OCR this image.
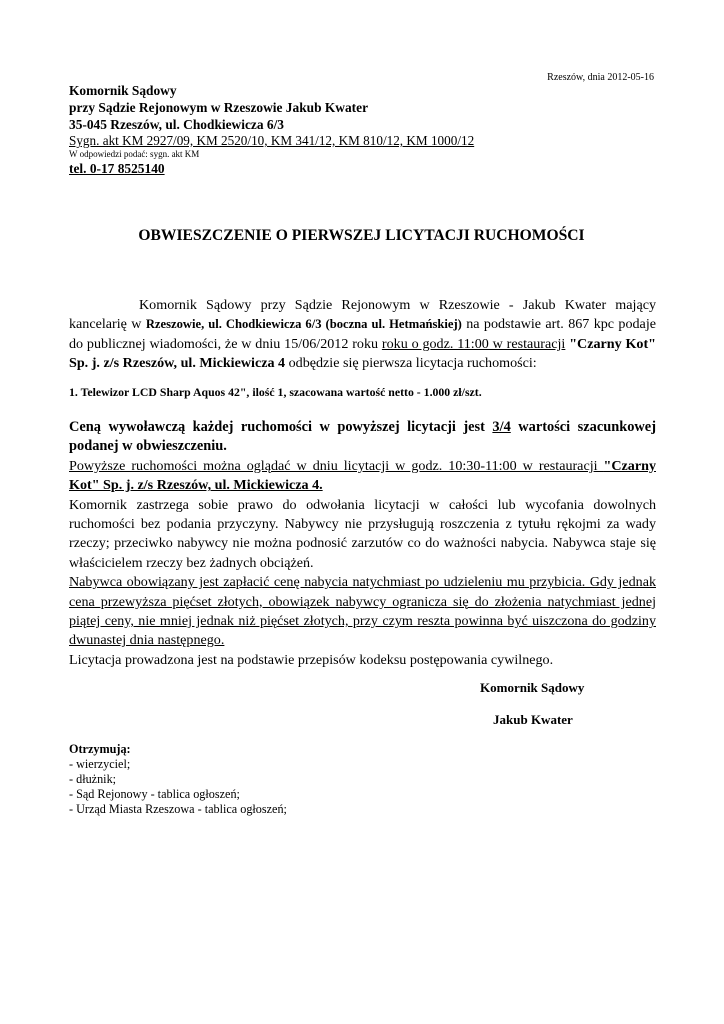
Rzeszów, dnia 2012-05-16
Komornik Sądowy
przy Sądzie Rejonowym w Rzeszowie Jakub Kwater
35-045 Rzeszów, ul. Chodkiewicza 6/3
Sygn. akt KM 2927/09, KM 2520/10, KM 341/12, KM 810/12, KM 1000/12
W odpowiedzi podać: sygn. akt KM
tel. 0-17 8525140
OBWIESZCZENIE O PIERWSZEJ LICYTACJI RUCHOMOŚCI

Komornik Sądowy przy Sądzie Rejonowym w Rzeszowie - Jakub Kwater mający kancelarię w Rzeszowie, ul. Chodkiewicza 6/3 (boczna ul. Hetmańskiej) na podstawie art. 867 kpc podaje do publicznej wiadomości, że w dniu 15/06/2012 roku roku o godz. 11:00 w restauracji "Czarny Kot" Sp. j. z/s Rzeszów, ul. Mickiewicza 4 odbędzie się pierwsza licytacja ruchomości:

1. Telewizor LCD Sharp Aquos 42", ilość 1, szacowana wartość netto - 1.000 zł/szt.

Ceną wywoławczą każdej ruchomości w powyższej licytacji jest 3/4 wartości szacunkowej podanej w obwieszczeniu.

Powyższe ruchomości można oglądać w dniu licytacji w godz. 10:30-11:00 w restauracji "Czarny Kot" Sp. j. z/s Rzeszów, ul. Mickiewicza 4.

Komornik zastrzega sobie prawo do odwołania licytacji w całości lub wycofania dowolnych ruchomości bez podania przyczyny. Nabywcy nie przysługują roszczenia z tytułu rękojmi za wady rzeczy; przeciwko nabywcy nie można podnosić zarzutów co do ważności nabycia. Nabywca staje się właścicielem rzeczy bez żadnych obciążeń.

Nabywca obowiązany jest zapłacić cenę nabycia natychmiast po udzieleniu mu przybicia. Gdy jednak cena przewyższa pięćset złotych, obowiązek nabywcy ogranicza się do złożenia natychmiast jednej piątej ceny, nie mniej jednak niż pięćset złotych, przy czym reszta powinna być uiszczona do godziny dwunastej dnia następnego.

Licytacja prowadzona jest na podstawie przepisów kodeksu postępowania cywilnego.

Komornik Sądowy
Jakub Kwater
Otrzymują:
- wierzyciel;
- dłużnik;
- Sąd Rejonowy - tablica ogłoszeń;
- Urząd Miasta Rzeszowa - tablica ogłoszeń;
